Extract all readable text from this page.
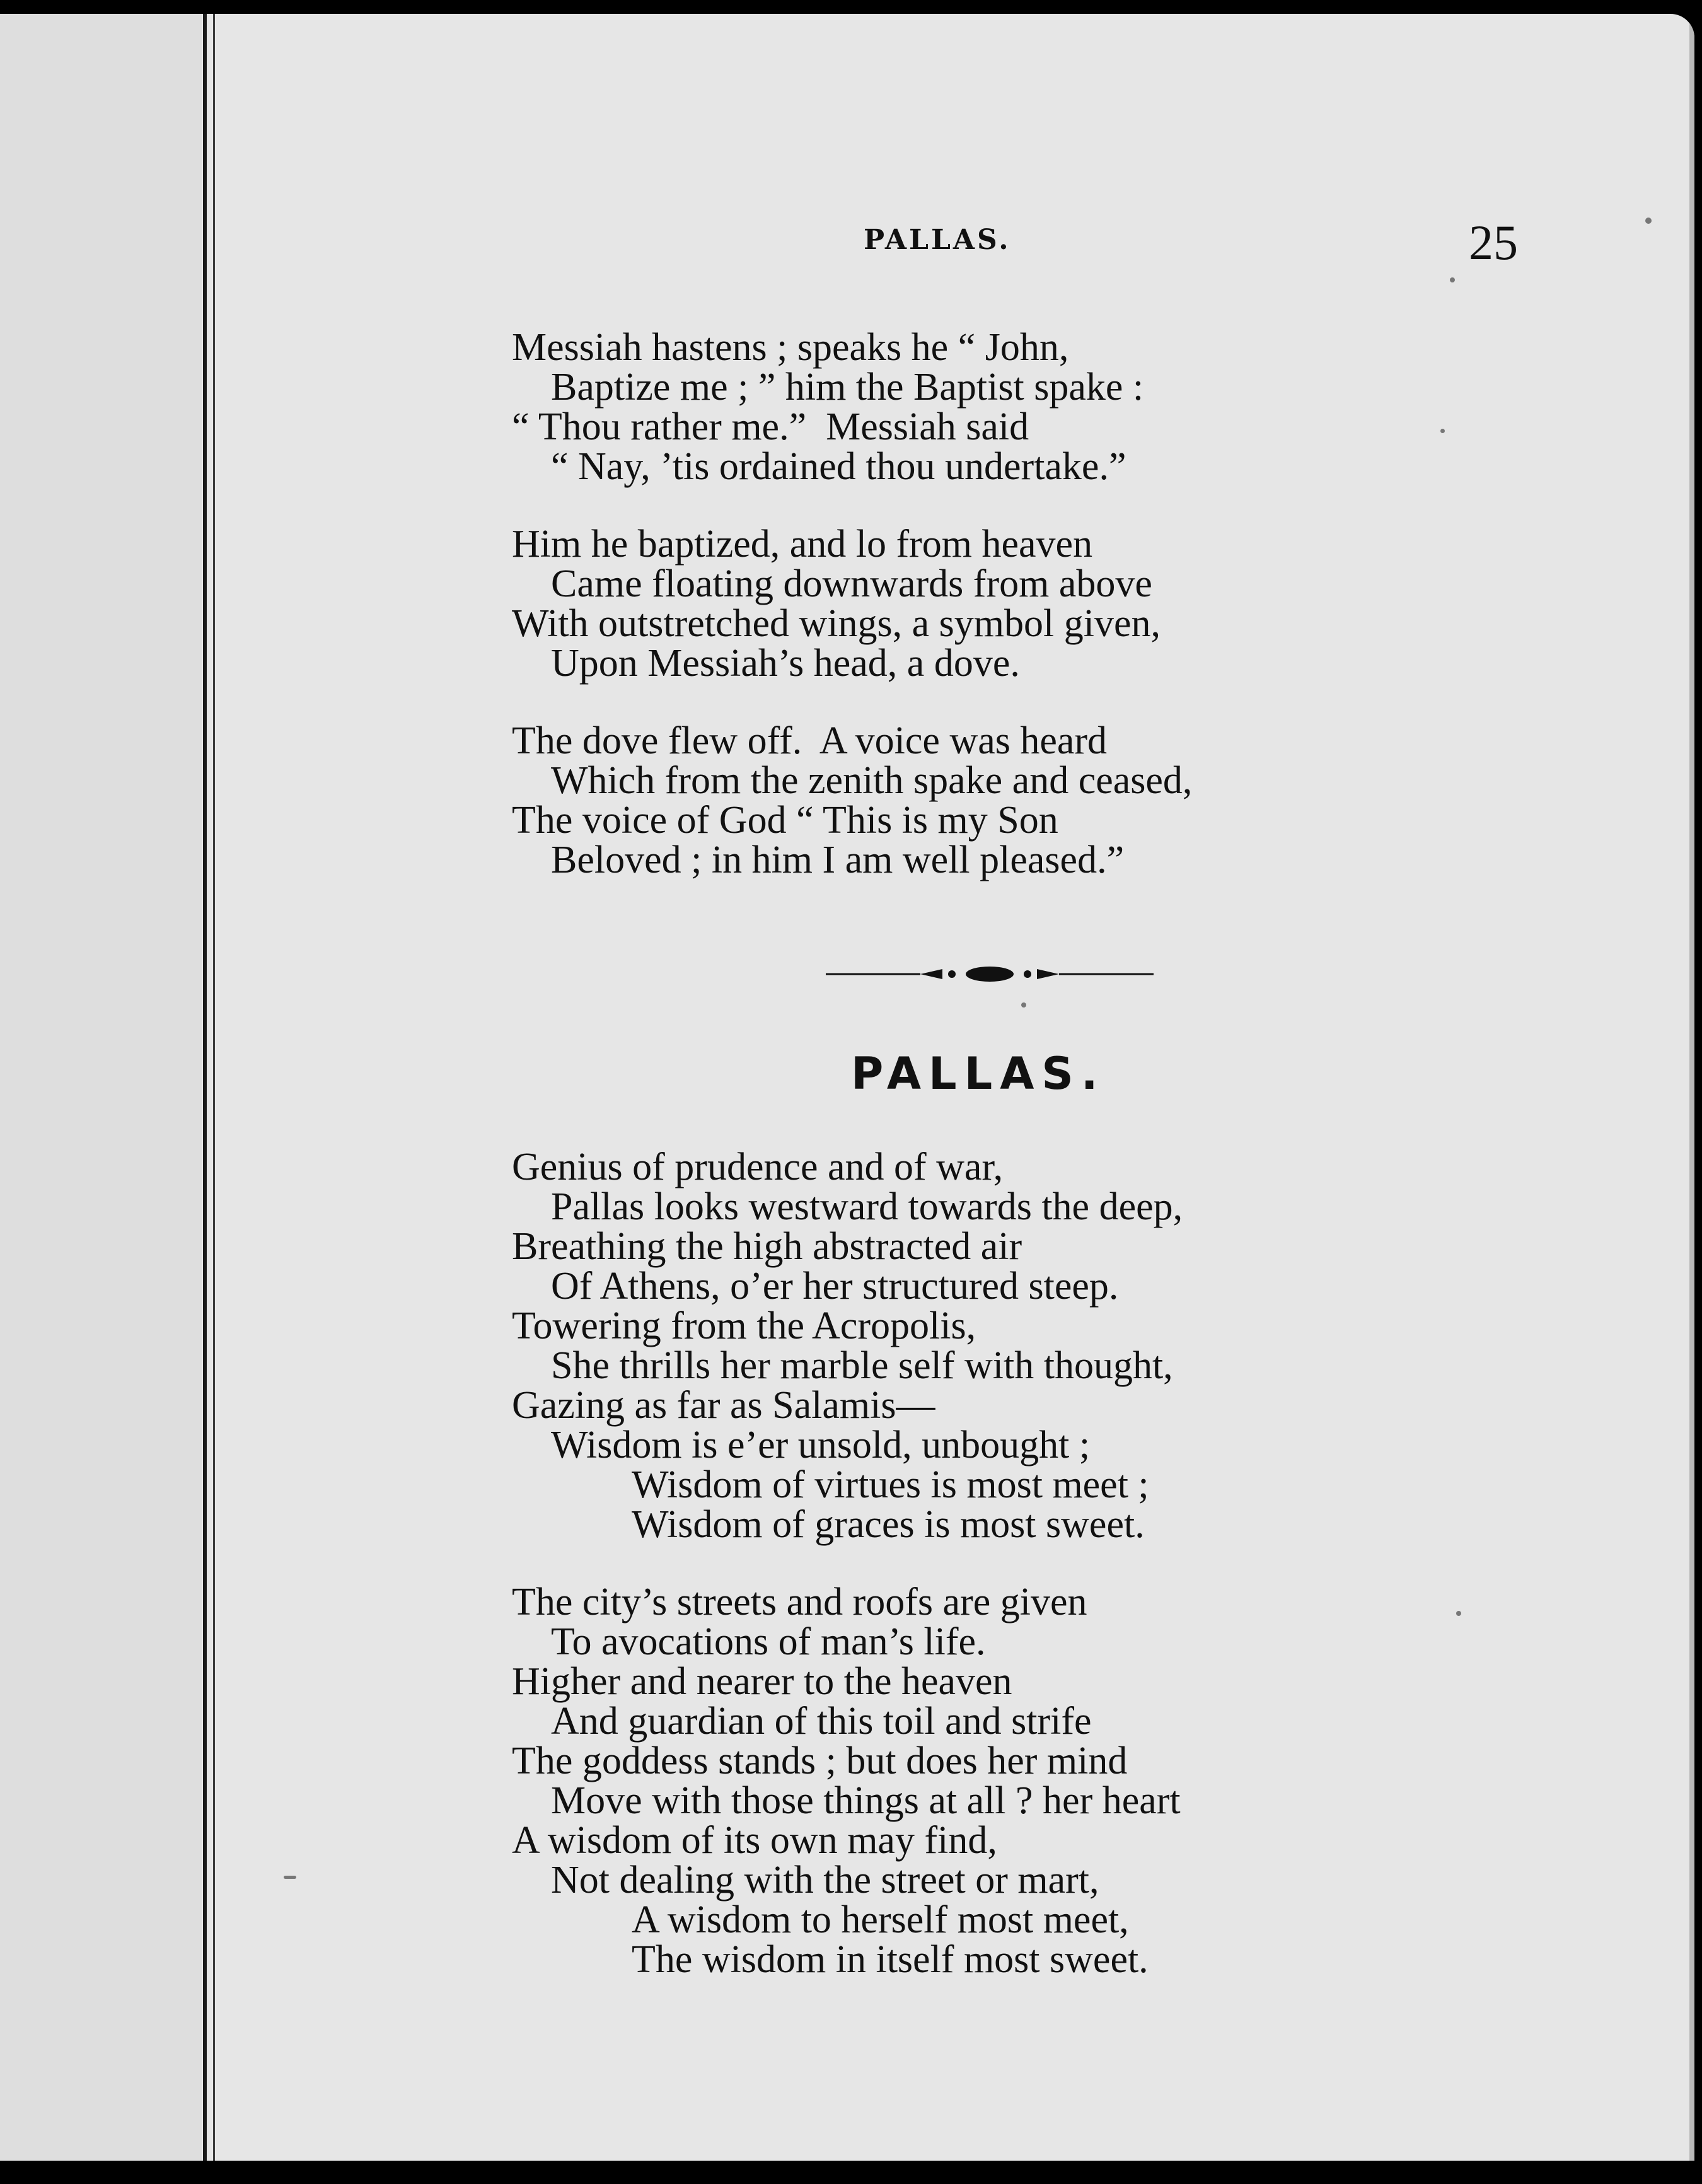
PALLAS.	25
Messiah hastens ; speaks he “ John,
Baptize me ; ” him the Baptist spake :
“ Thou rather me.”  Messiah said
“ Nay, ’tis ordained thou undertake.”
Him he baptized, and lo from heaven
Came floating downwards from above
With outstretched wings, a symbol given,
Upon Messiah’s head, a dove.
The dove flew off.  A voice was heard
Which from the zenith spake and ceased,
The voice of God “ This is my Son
Beloved ; in him I am well pleased.”
PALLAS.
Genius of prudence and of war,
Pallas looks westward towards the deep,
Breathing the high abstracted air
Of Athens, o’er her structured steep.
Towering from the Acropolis,
She thrills her marble self with thought,
Gazing as far as Salamis—
Wisdom is e’er unsold, unbought ;
Wisdom of virtues is most meet ;
Wisdom of graces is most sweet.
The city’s streets and roofs are given
To avocations of man’s life.
Higher and nearer to the heaven
And guardian of this toil and strife
The goddess stands ; but does her mind
Move with those things at all ? her heart
A wisdom of its own may find,
Not dealing with the street or mart,
A wisdom to herself most meet,
The wisdom in itself most sweet.
